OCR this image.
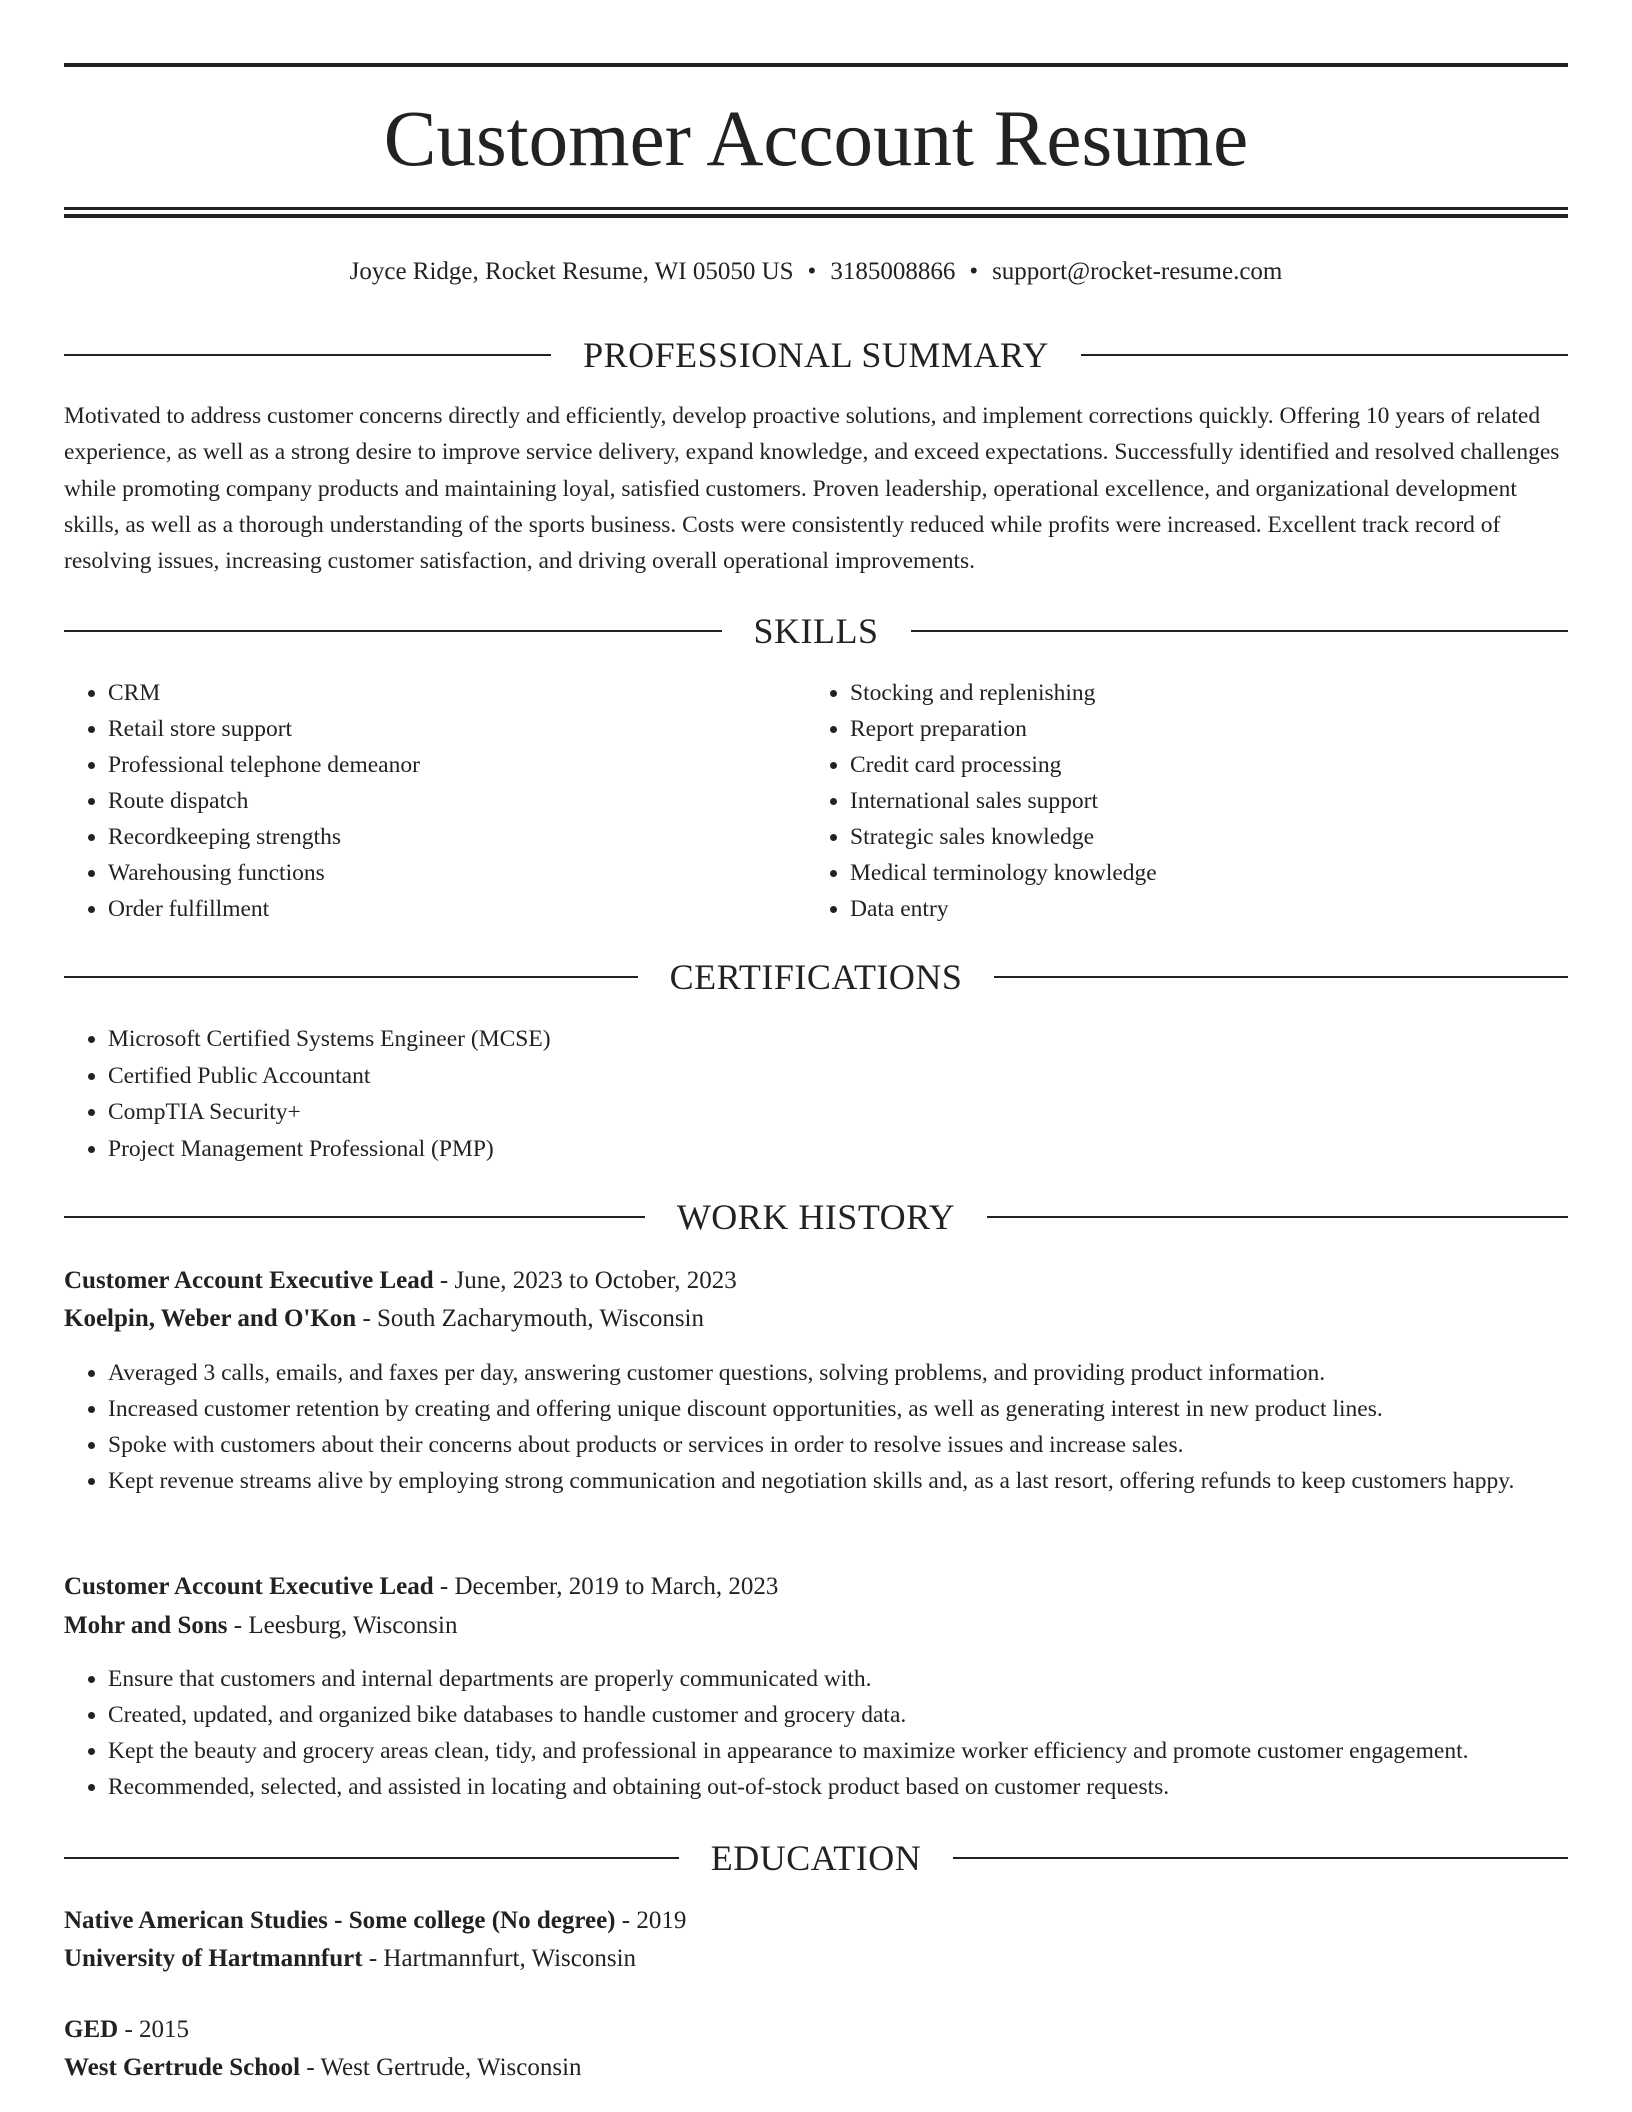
Customer Account Resume
Joyce Ridge, Rocket Resume, WI 05050 US • 3185008866 • support@rocket-resume.com
PROFESSIONAL SUMMARY

Motivated to address customer concerns directly and efficiently, develop proactive solutions, and implement corrections quickly. Offering 10 years of related experience, as well as a strong desire to improve service delivery, expand knowledge, and exceed expectations. Successfully identified and resolved challenges while promoting company products and maintaining loyal, satisfied customers. Proven leadership, operational excellence, and organizational development skills, as well as a thorough understanding of the sports business. Costs were consistently reduced while profits were increased. Excellent track record of resolving issues, increasing customer satisfaction, and driving overall operational improvements.

SKILLS
• CRM
• Retail store support
• Professional telephone demeanor
• Route dispatch
• Recordkeeping strengths
• Warehousing functions
• Order fulfillment
• Stocking and replenishing
• Report preparation
• Credit card processing
• International sales support
• Strategic sales knowledge
• Medical terminology knowledge
• Data entry
CERTIFICATIONS
• Microsoft Certified Systems Engineer (MCSE)
• Certified Public Accountant
• CompTIA Security+
• Project Management Professional (PMP)
WORK HISTORY
Customer Account Executive Lead - June, 2023 to October, 2023
Koelpin, Weber and O'Kon - South Zacharymouth, Wisconsin
• Averaged 3 calls, emails, and faxes per day, answering customer questions, solving problems, and providing product information.
• Increased customer retention by creating and offering unique discount opportunities, as well as generating interest in new product lines.
• Spoke with customers about their concerns about products or services in order to resolve issues and increase sales.
• Kept revenue streams alive by employing strong communication and negotiation skills and, as a last resort, offering refunds to keep customers happy.
Customer Account Executive Lead - December, 2019 to March, 2023
Mohr and Sons - Leesburg, Wisconsin
• Ensure that customers and internal departments are properly communicated with.
• Created, updated, and organized bike databases to handle customer and grocery data.
• Kept the beauty and grocery areas clean, tidy, and professional in appearance to maximize worker efficiency and promote customer engagement.
• Recommended, selected, and assisted in locating and obtaining out-of-stock product based on customer requests.
EDUCATION
Native American Studies - Some college (No degree) - 2019
University of Hartmannfurt - Hartmannfurt, Wisconsin
GED - 2015
West Gertrude School - West Gertrude, Wisconsin
